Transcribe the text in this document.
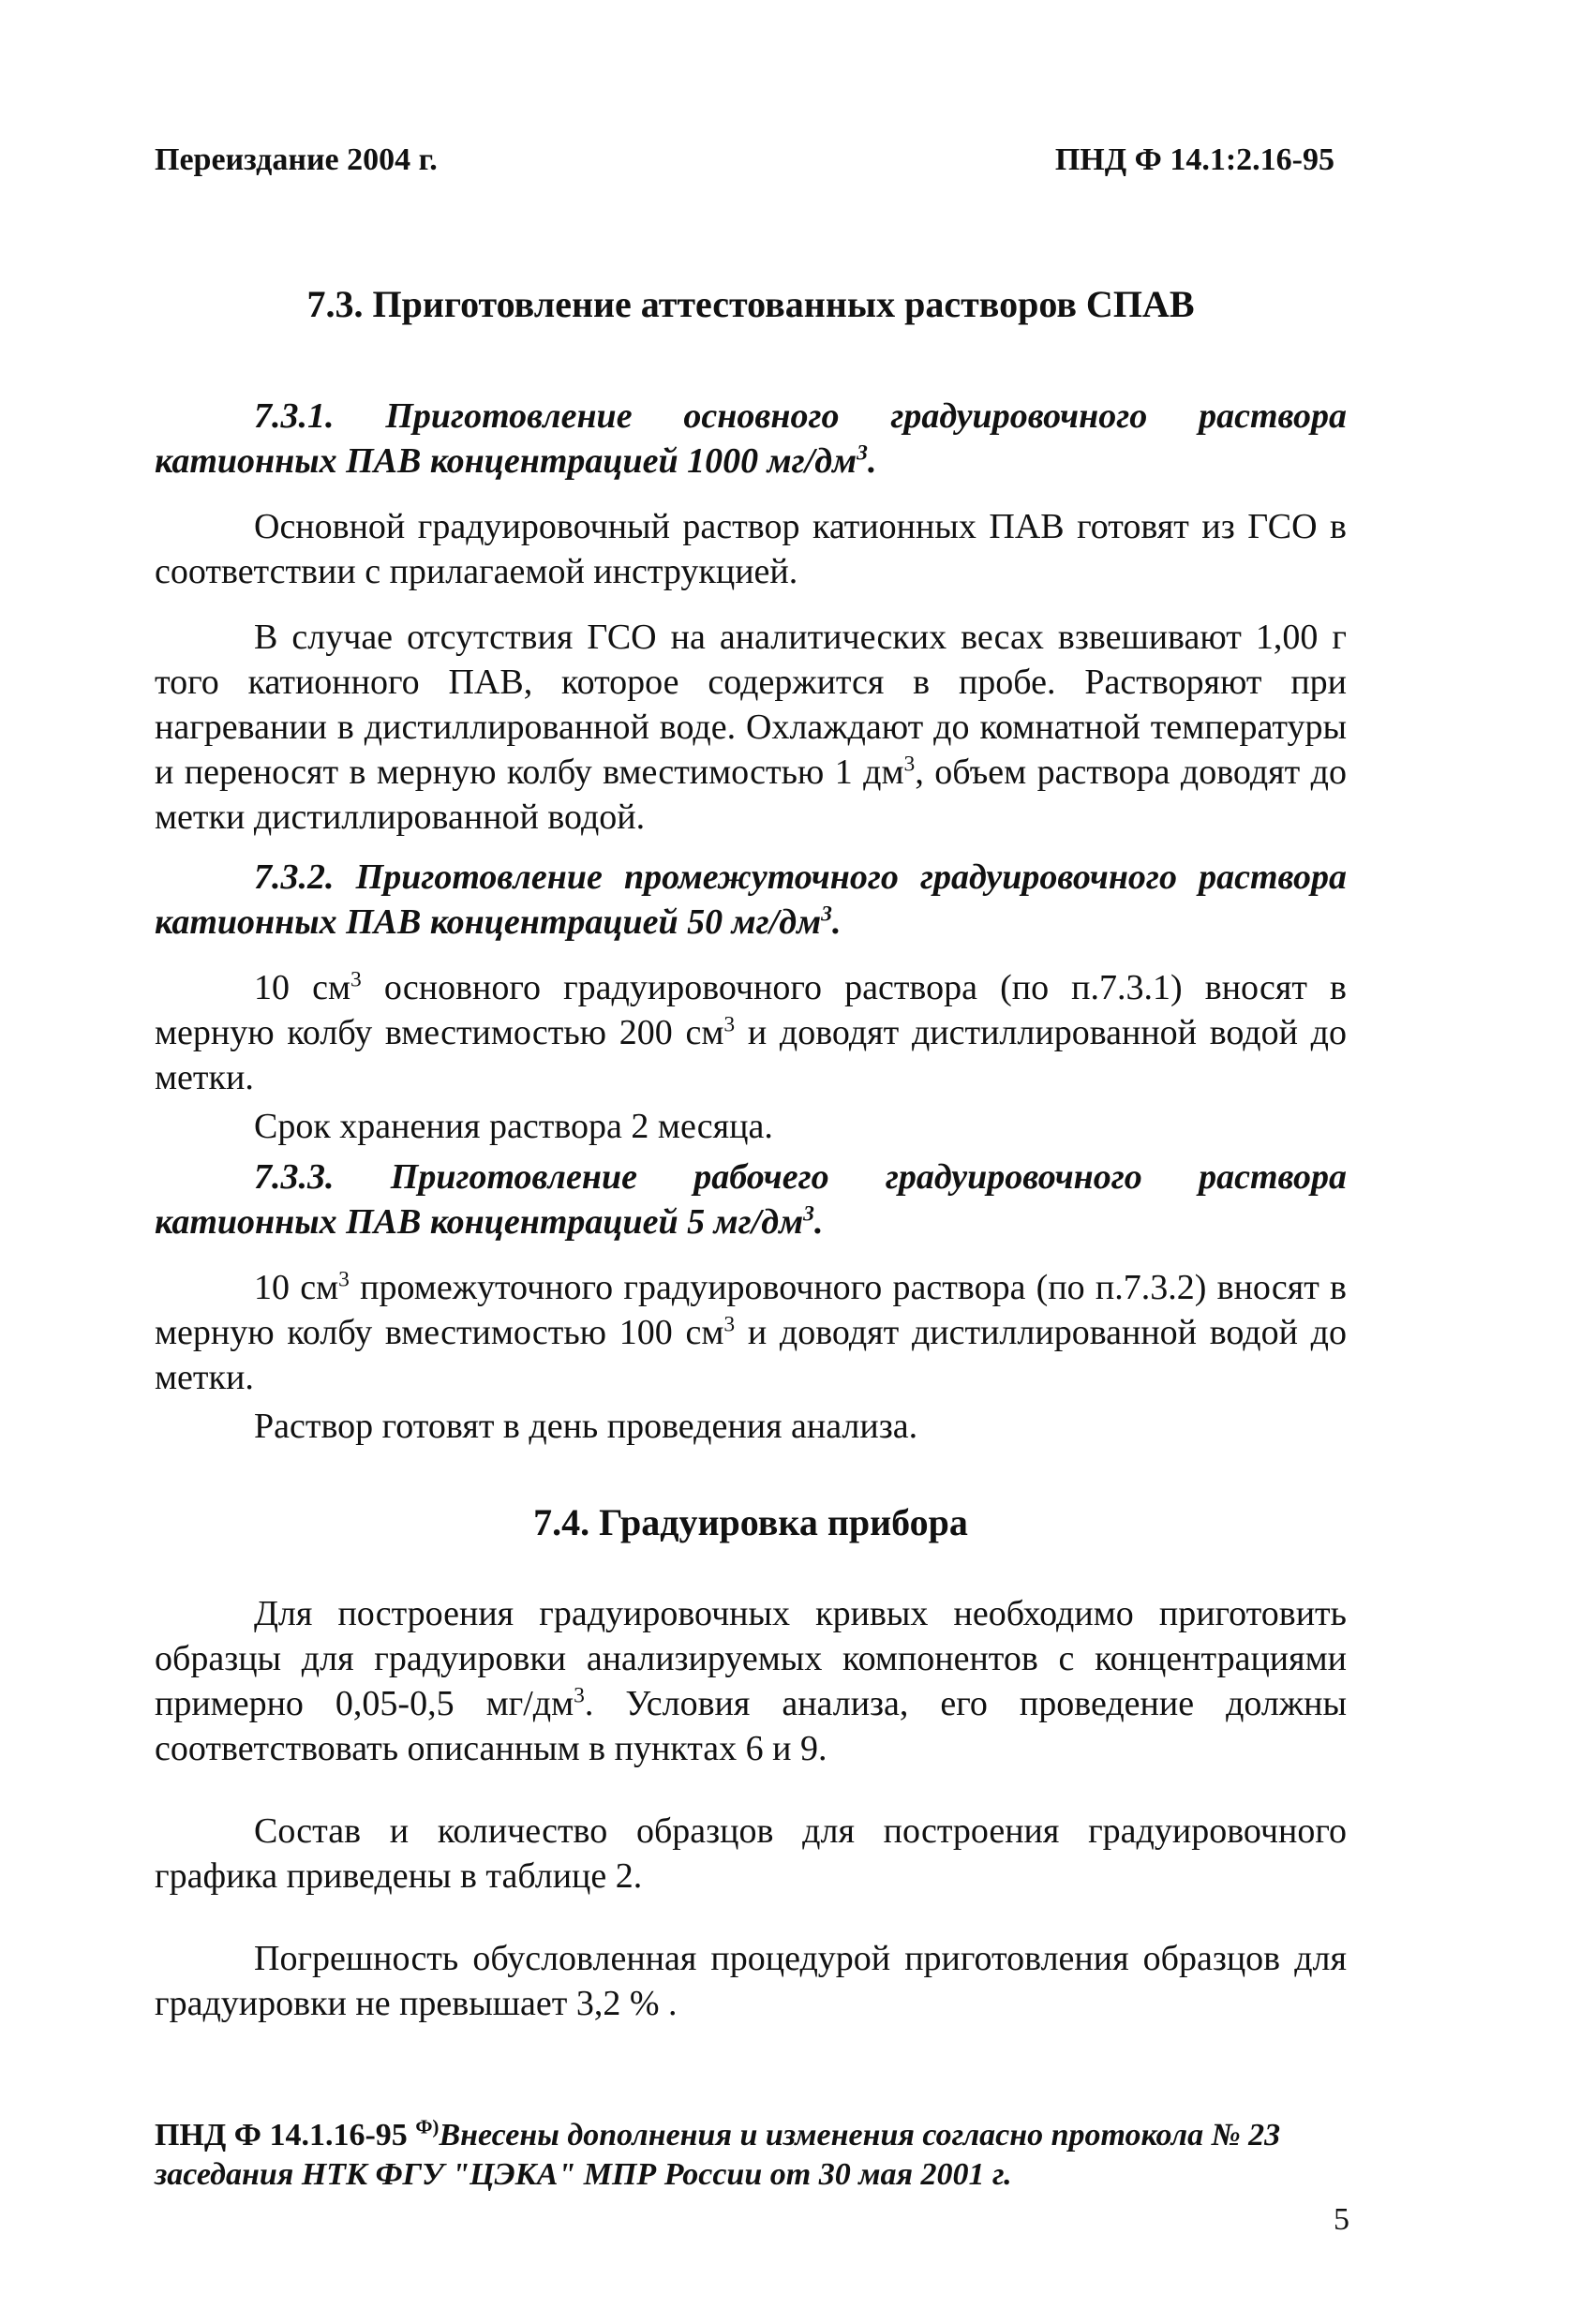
Переиздание 2004 г.	ПНД Ф 14.1:2.16-95
7.3. Приготовление аттестованных растворов СПАВ
7.3.1. Приготовление основного градуировочного раствора катионных ПАВ концентрацией 1000 $мг/дм^3$.
Основной градуировочный раствор катионных ПАВ готовят из ГСО в соответствии с прилагаемой инструкцией.
В случае отсутствия ГСО на аналитических весах взвешивают 1,00 г того катионного ПАВ, которое содержится в пробе. Растворяют при нагревании в дистиллированной воде. Охлаждают до комнатной температуры и переносят в мерную колбу вместимостью 1 $дм^3$, объем раствора доводят до метки дистиллированной водой.
7.3.2. Приготовление промежуточного градуировочного раствора катионных ПАВ концентрацией 50 $мг/дм^3$.
10 $см^3$ основного градуировочного раствора (по п.7.3.1) вносят в мерную колбу вместимостью 200 $см^3$ и доводят дистиллированной водой до метки.
Срок хранения раствора 2 месяца.
7.3.3. Приготовление рабочего градуировочного раствора катионных ПАВ концентрацией 5 $мг/дм^3$.
10 $см^3$ промежуточного градуировочного раствора (по п.7.3.2) вносят в мерную колбу вместимостью 100 $см^3$ и доводят дистиллированной водой до метки.
Раствор готовят в день проведения анализа.
7.4. Градуировка прибора
Для построения градуировочных кривых необходимо приготовить образцы для градуировки анализируемых компонентов с концентрациями примерно 0,05-0,5 $мг/дм^3$. Условия анализа, его проведение должны соответствовать описанным в пунктах 6 и 9.
Состав и количество образцов для построения градуировочного графика приведены в таблице 2.
Погрешность обусловленная процедурой приготовления образцов для градуировки не превышает 3,2 % .
ПНД Ф 14.1.16-95 $^{Ф)}$Внесены дополнения и изменения согласно протокола № 23 заседания НТК ФГУ "ЦЭКА" МПР России от 30 мая 2001 г.
5
